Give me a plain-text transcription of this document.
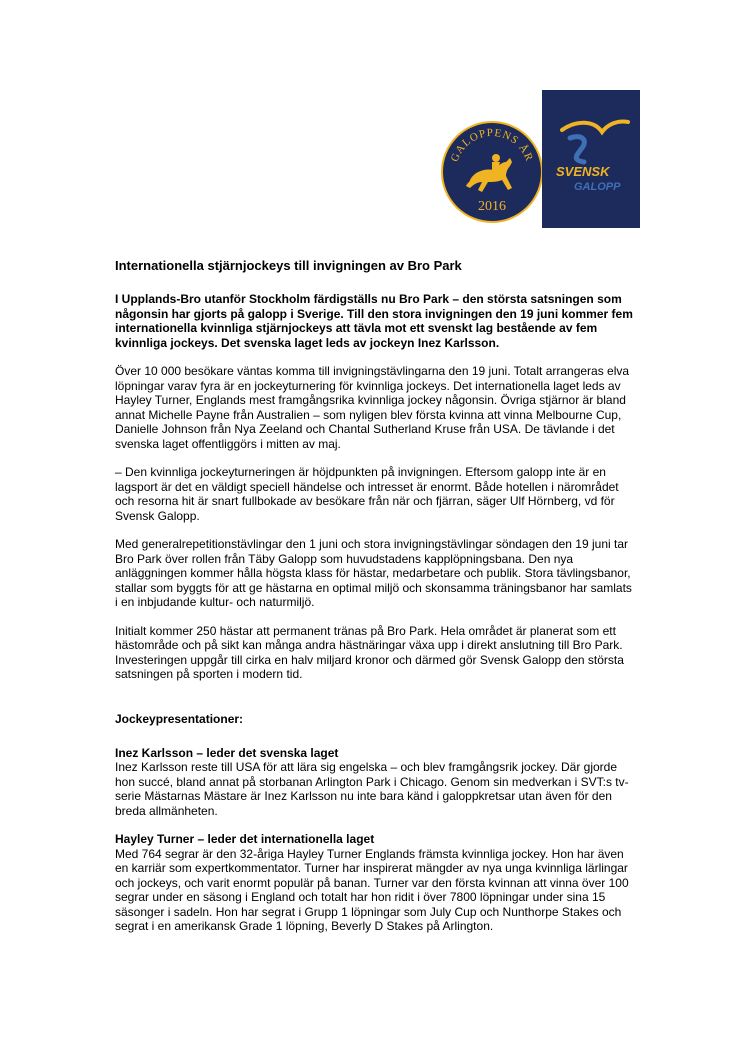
GALOPPENS ÅR
2016
SVENSK
GALOPP
Internationella stjärnjockeys till invigningen av Bro Park

I Upplands-Bro utanför Stockholm färdigställs nu Bro Park – den största satsningen som någonsin har gjorts på galopp i Sverige. Till den stora invigningen den 19 juni kommer fem internationella kvinnliga stjärnjockeys att tävla mot ett svenskt lag bestående av fem kvinnliga jockeys. Det svenska laget leds av jockeyn Inez Karlsson.

Över 10 000 besökare väntas komma till invigningstävlingarna den 19 juni. Totalt arrangeras elva löpningar varav fyra är en jockeyturnering för kvinnliga jockeys. Det internationella laget leds av Hayley Turner, Englands mest framgångsrika kvinnliga jockey någonsin. Övriga stjärnor är bland annat Michelle Payne från Australien – som nyligen blev första kvinna att vinna Melbourne Cup, Danielle Johnson från Nya Zeeland och Chantal Sutherland Kruse från USA. De tävlande i det svenska laget offentliggörs i mitten av maj.

– Den kvinnliga jockeyturneringen är höjdpunkten på invigningen. Eftersom galopp inte är en lagsport är det en väldigt speciell händelse och intresset är enormt. Både hotellen i närområdet och resorna hit är snart fullbokade av besökare från när och fjärran, säger Ulf Hörnberg, vd för Svensk Galopp.

Med generalrepetitionstävlingar den 1 juni och stora invigningstävlingar söndagen den 19 juni tar Bro Park över rollen från Täby Galopp som huvudstadens kapplöpningsbana. Den nya anläggningen kommer hålla högsta klass för hästar, medarbetare och publik. Stora tävlingsbanor, stallar som byggts för att ge hästarna en optimal miljö och skonsamma träningsbanor har samlats i en inbjudande kultur- och naturmiljö.

Initialt kommer 250 hästar att permanent tränas på Bro Park. Hela området är planerat som ett hästområde och på sikt kan många andra hästnäringar växa upp i direkt anslutning till Bro Park. Investeringen uppgår till cirka en halv miljard kronor och därmed gör Svensk Galopp den största satsningen på sporten i modern tid.

Jockeypresentationer:
Inez Karlsson – leder det svenska laget
Inez Karlsson reste till USA för att lära sig engelska – och blev framgångsrik jockey. Där gjorde hon succé, bland annat på storbanan Arlington Park i Chicago. Genom sin medverkan i SVT:s tv-serie Mästarnas Mästare är Inez Karlsson nu inte bara känd i galoppkretsar utan även för den breda allmänheten.
Hayley Turner – leder det internationella laget
Med 764 segrar är den 32-åriga Hayley Turner Englands främsta kvinnliga jockey. Hon har även en karriär som expertkommentator. Turner har inspirerat mängder av nya unga kvinnliga lärlingar och jockeys, och varit enormt populär på banan. Turner var den första kvinnan att vinna över 100 segrar under en säsong i England och totalt har hon ridit i över 7800 löpningar under sina 15 säsonger i sadeln. Hon har segrat i Grupp 1 löpningar som July Cup och Nunthorpe Stakes och segrat i en amerikansk Grade 1 löpning, Beverly D Stakes på Arlington.
